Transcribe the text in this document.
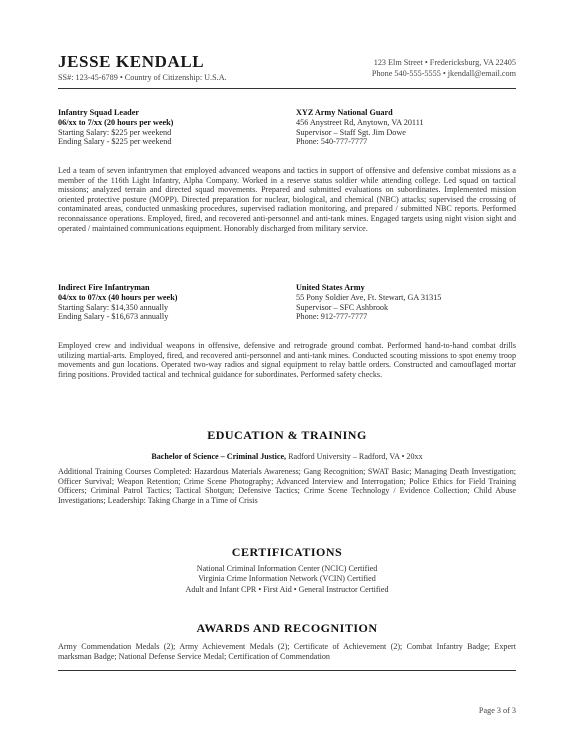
JESSE KENDALL
SS#: 123-45-6789 • Country of Citizenship: U.S.A.
123 Elm Street • Fredericksburg, VA 22405
Phone 540-555-5555 • jkendall@email.com
Infantry Squad Leader
06/xx to 7/xx (20 hours per week)
Starting Salary: $225 per weekend
Ending Salary - $225 per weekend
XYZ Army National Guard
456 Anystreet Rd, Anytown, VA 20111
Supervisor – Staff Sgt. Jim Dowe
Phone: 540-777-7777
Led a team of seven infantrymen that employed advanced weapons and tactics in support of offensive and defensive combat missions as a member of the 116th Light Infantry, Alpha Company. Worked in a reserve status soldier while attending college. Led squad on tactical missions; analyzed terrain and directed squad movements. Prepared and submitted evaluations on subordinates. Implemented mission oriented protective posture (MOPP). Directed preparation for nuclear, biological, and chemical (NBC) attacks; supervised the crossing of contaminated areas, conducted unmasking procedures, supervised radiation monitoring, and prepared / submitted NBC reports. Performed reconnaissance operations. Employed, fired, and recovered anti-personnel and anti-tank mines. Engaged targets using night vision sight and operated / maintained communications equipment. Honorably discharged from military service.
Indirect Fire Infantryman
04/xx to 07/xx (40 hours per week)
Starting Salary: $14,350 annually
Ending Salary - $16,673 annually
United States Army
55 Pony Soldier Ave, Ft. Stewart, GA 31315
Supervisor – SFC Ashbrook
Phone: 912-777-7777
Employed crew and individual weapons in offensive, defensive and retrograde ground combat. Performed hand-to-hand combat drills utilizing martial-arts. Employed, fired, and recovered anti-personnel and anti-tank mines. Conducted scouting missions to spot enemy troop movements and gun locations. Operated two-way radios and signal equipment to relay battle orders. Constructed and camouflaged mortar firing positions. Provided tactical and technical guidance for subordinates. Performed safety checks.
EDUCATION & TRAINING
Bachelor of Science – Criminal Justice, Radford University – Radford, VA • 20xx
Additional Training Courses Completed: Hazardous Materials Awareness; Gang Recognition; SWAT Basic; Managing Death Investigation; Officer Survival; Weapon Retention; Crime Scene Photography; Advanced Interview and Interrogation; Police Ethics for Field Training Officers; Criminal Patrol Tactics; Tactical Shotgun; Defensive Tactics; Crime Scene Technology / Evidence Collection; Child Abuse Investigations; Leadership: Taking Charge in a Time of Crisis
CERTIFICATIONS
National Criminal Information Center (NCIC) Certified
Virginia Crime Information Network (VCIN) Certified
Adult and Infant CPR • First Aid • General Instructor Certified
AWARDS AND RECOGNITION
Army Commendation Medals (2); Army Achievement Medals (2); Certificate of Achievement (2); Combat Infantry Badge; Expert marksman Badge; National Defense Service Medal; Certification of Commendation
Page 3 of 3
